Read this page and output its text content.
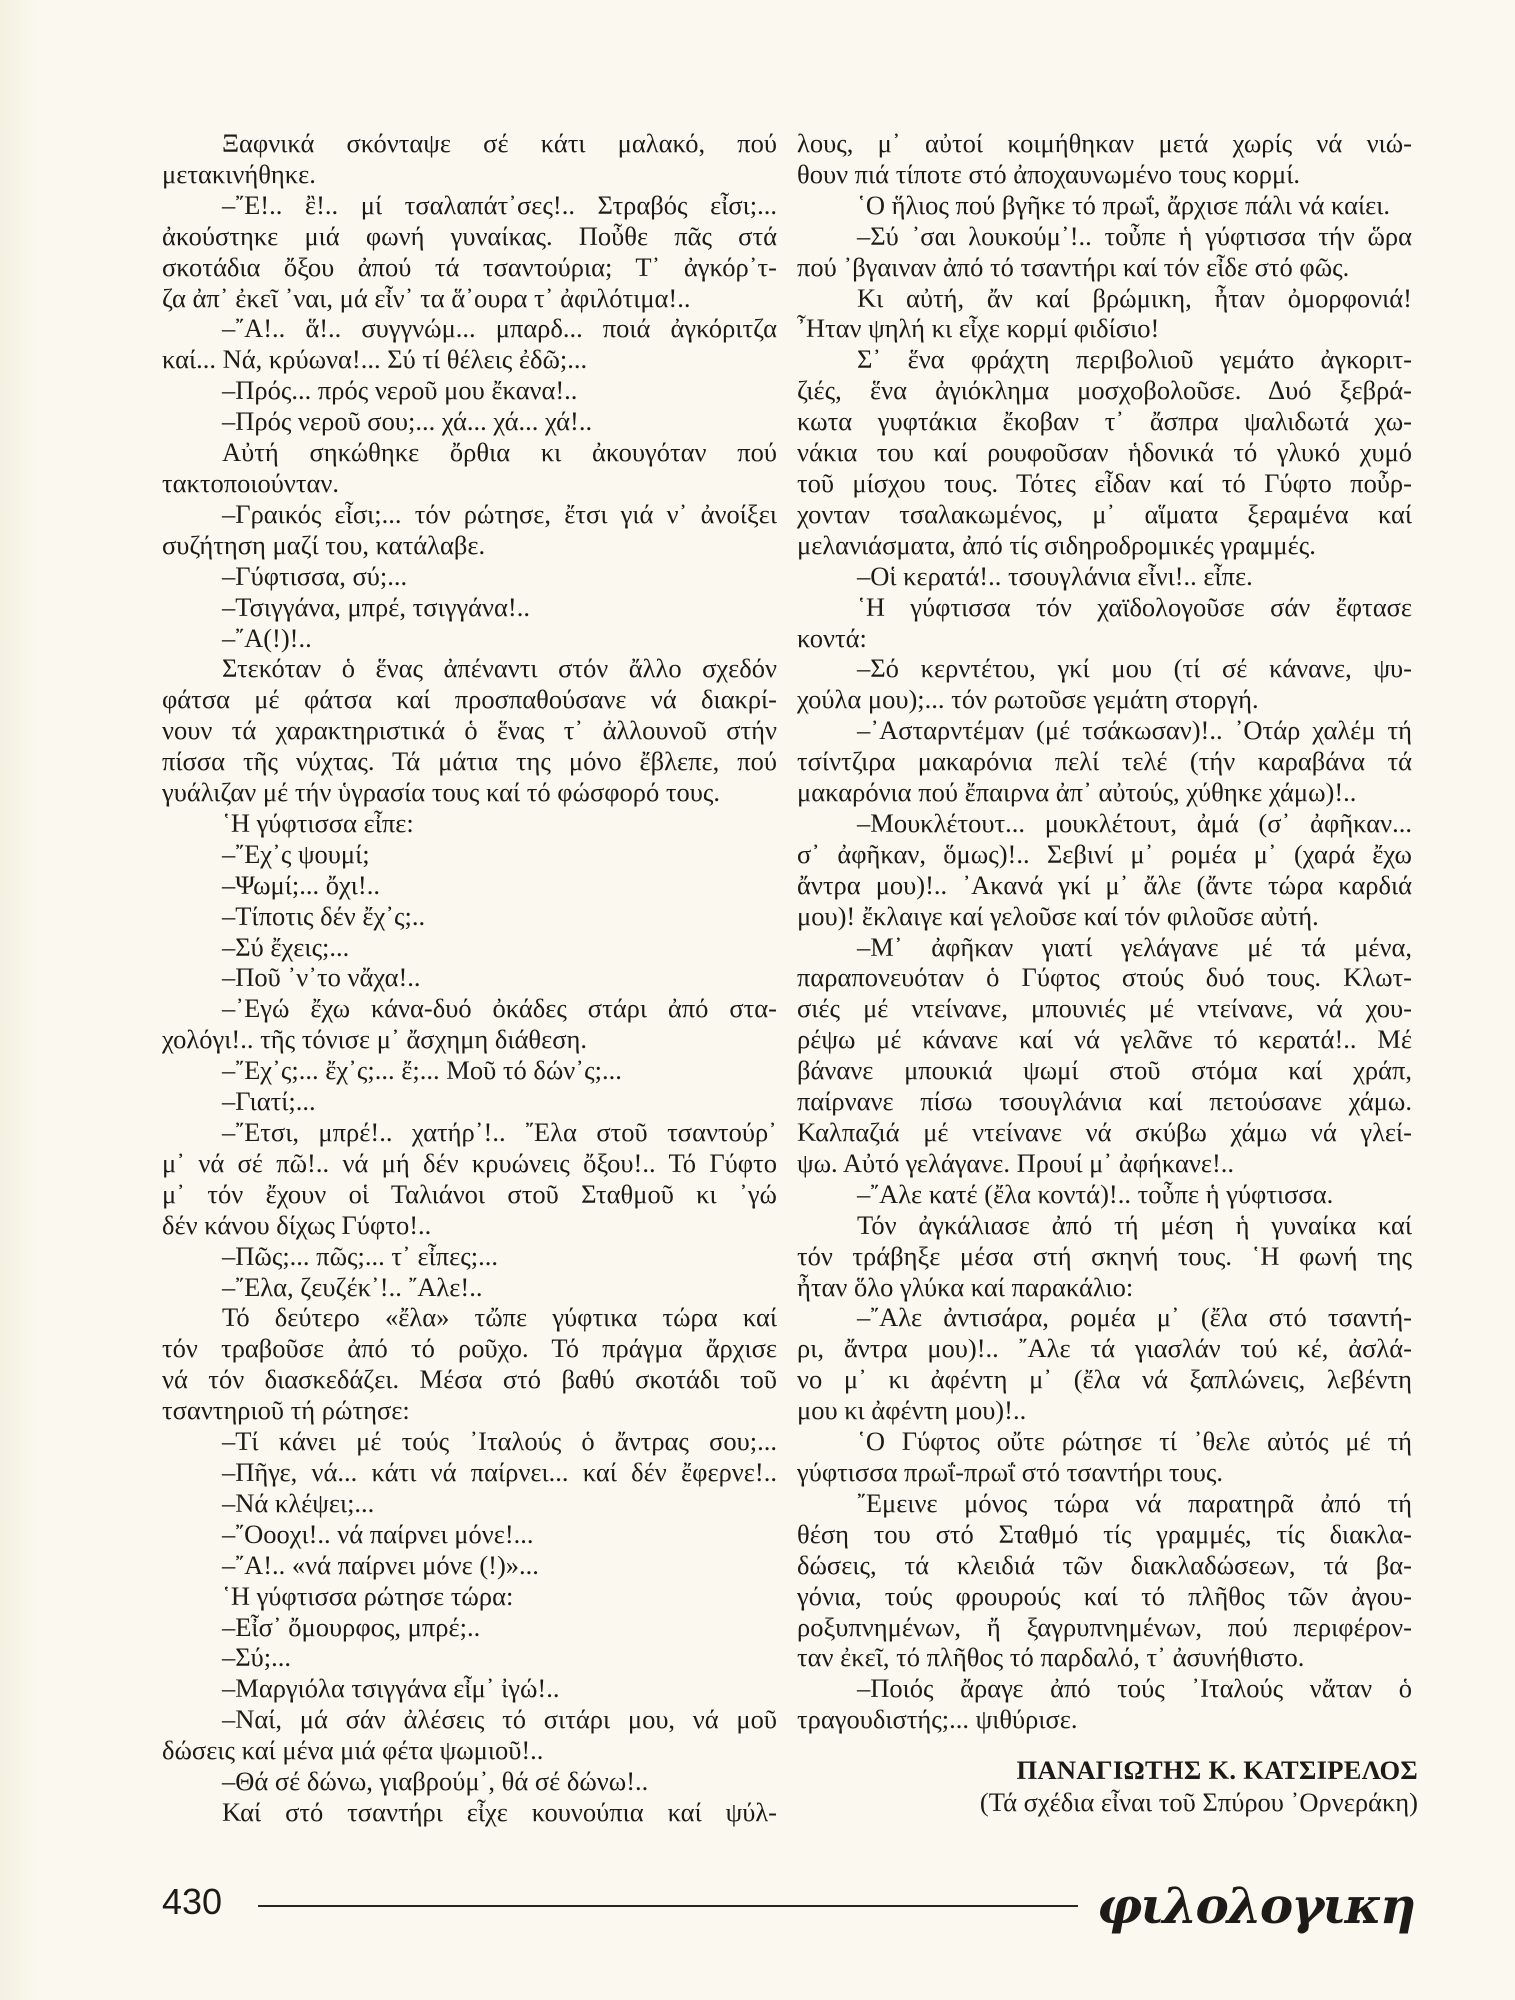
Ξαφνικά σκόνταψε σέ κάτι μαλακό, πού
μετακινήθηκε.
–῎Ε!.. ἒ!.. μί τσαλαπάτ᾽σες!.. Στραβός εἶσι;...
ἀκούστηκε μιά φωνή γυναίκας. Ποὖθε πᾶς στά
σκοτάδια ὄξου ἀπού τά τσαντούρια; Τ᾽ ἀγκόρ᾽τ-
ζα ἀπ᾽ ἐκεῖ ᾽ναι, μά εἶν᾽ τα ἅ᾽ουρα τ᾽ ἀφιλότιμα!..
–῎Α!.. ἅ!.. συγγνώμ... μπαρδ... ποιά ἀγκόριτζα
καί... Νά, κρύωνα!... Σύ τί θέλεις ἐδῶ;...
–Πρός... πρός νεροῦ μου ἔκανα!..
–Πρός νεροῦ σου;... χά... χά... χά!..
Αὐτή σηκώθηκε ὄρθια κι ἀκουγόταν πού
τακτοποιούνταν.
–Γραικός εἶσι;... τόν ρώτησε, ἔτσι γιά ν᾽ ἀνοίξει
συζήτηση μαζί του, κατάλαβε.
–Γύφτισσα, σύ;...
–Τσιγγάνα, μπρέ, τσιγγάνα!..
–῎Α(!)!..
Στεκόταν ὁ ἕνας ἀπέναντι στόν ἄλλο σχεδόν
φάτσα μέ φάτσα καί προσπαθούσανε νά διακρί-
νουν τά χαρακτηριστικά ὁ ἕνας τ᾽ ἀλλουνοῦ στήν
πίσσα τῆς νύχτας. Τά μάτια της μόνο ἔβλεπε, πού
γυάλιζαν μέ τήν ὑγρασία τους καί τό φώσφορό τους.
῾Η γύφτισσα εἶπε:
–῎Εχ᾽ς ψουμί;
–Ψωμί;... ὄχι!..
–Τίποτις δέν ἔχ᾽ς;..
–Σύ ἔχεις;...
–Ποῦ ᾽ν᾽το νἄχα!..
–᾽Εγώ ἔχω κάνα-δυό ὀκάδες στάρι ἀπό στα-
χολόγι!.. τῆς τόνισε μ᾽ ἄσχημη διάθεση.
–῎Εχ᾽ς;... ἔχ᾽ς;... ἔ;... Μοῦ τό δών᾽ς;...
–Γιατί;...
–῎Ετσι, μπρέ!.. χατήρ᾽!.. ῎Ελα στοῦ τσαντούρ᾽
μ᾽ νά σέ πῶ!.. νά μή δέν κρυώνεις ὄξου!.. Τό Γύφτο
μ᾽ τόν ἔχουν οἱ Ταλιάνοι στοῦ Σταθμοῦ κι ᾽γώ
δέν κάνου δίχως Γύφτο!..
–Πῶς;... πῶς;... τ᾽ εἶπες;...
–῎Ελα, ζευζέκ᾽!.. ῎Αλε!..
Τό δεύτερο «ἔλα» τὤπε γύφτικα τώρα καί
τόν τραβοῦσε ἀπό τό ροῦχο. Τό πράγμα ἄρχισε
νά τόν διασκεδάζει. Μέσα στό βαθύ σκοτάδι τοῦ
τσαντηριοῦ τή ρώτησε:
–Τί κάνει μέ τούς ᾽Ιταλούς ὁ ἄντρας σου;...
–Πῆγε, νά... κάτι νά παίρνει... καί δέν ἔφερνε!..
–Νά κλέψει;...
–῎Ooοχι!.. νά παίρνει μόνε!...
–῎Α!.. «νά παίρνει μόνε (!)»...
῾Η γύφτισσα ρώτησε τώρα:
–Εἶσ᾽ ὄμουρφος, μπρέ;..
–Σύ;...
–Μαργιόλα τσιγγάνα εἶμ᾽ ἰγώ!..
–Ναί, μά σάν ἀλέσεις τό σιτάρι μου, νά μοῦ
δώσεις καί μένα μιά φέτα ψωμιοῦ!..
–Θά σέ δώνω, γιαβρούμ᾽, θά σέ δώνω!..
Καί στό τσαντήρι εἶχε κουνούπια καί ψύλ-
λους, μ᾽ αὐτοί κοιμήθηκαν μετά χωρίς νά νιώ-
θουν πιά τίποτε στό ἀποχαυνωμένο τους κορμί.
῾Ο ἥλιος πού βγῆκε τό πρωΐ, ἄρχισε πάλι νά καίει.
–Σύ ᾽σαι λουκούμ᾽!.. τοὖπε ἡ γύφτισσα τήν ὥρα
πού ᾽βγαιναν ἀπό τό τσαντήρι καί τόν εἶδε στό φῶς.
Κι αὐτή, ἄν καί βρώμικη, ἦταν ὀμορφονιά!
῏Ηταν ψηλή κι εἶχε κορμί φιδίσιο!
Σ᾽ ἕνα φράχτη περιβολιοῦ γεμάτο ἀγκοριτ-
ζιές, ἕνα ἀγιόκλημα μοσχοβολοῦσε. Δυό ξεβρά-
κωτα γυφτάκια ἔκοβαν τ᾽ ἄσπρα ψαλιδωτά χω-
νάκια του καί ρουφοῦσαν ἡδονικά τό γλυκό χυμό
τοῦ μίσχου τους. Τότες εἶδαν καί τό Γύφτο ποὖρ-
χονταν τσαλακωμένος, μ᾽ αἵματα ξεραμένα καί
μελανιάσματα, ἀπό τίς σιδηροδρομικές γραμμές.
–Οἱ κερατά!.. τσουγλάνια εἶνι!.. εἶπε.
῾Η γύφτισσα τόν χαϊδολογοῦσε σάν ἔφτασε
κοντά:
–Σό κερντέτου, γκί μου (τί σέ κάνανε, ψυ-
χούλα μου);... τόν ρωτοῦσε γεμάτη στοργή.
–᾽Ασταρντέμαν (μέ τσάκωσαν)!.. ᾽Οτάρ χαλέμ τή
τσίντζιρα μακαρόνια πελί τελέ (τήν καραβάνα τά
μακαρόνια πού ἔπαιρνα ἀπ᾽ αὐτούς, χύθηκε χάμω)!..
–Μουκλέτουτ... μουκλέτουτ, ἀμά (σ᾽ ἀφῆκαν...
σ᾽ ἀφῆκαν, ὅμως)!.. Σεβινί μ᾽ ρομέα μ᾽ (χαρά ἔχω
ἄντρα μου)!.. ᾽Ακανά γκί μ᾽ ἄλε (ἄντε τώρα καρδιά
μου)! ἔκλαιγε καί γελοῦσε καί τόν φιλοῦσε αὐτή.
–Μ᾽ ἀφῆκαν γιατί γελάγανε μέ τά μένα,
παραπονευόταν ὁ Γύφτος στούς δυό τους. Κλωτ-
σιές μέ ντείνανε, μπουνιές μέ ντείνανε, νά χου-
ρέψω μέ κάνανε καί νά γελᾶνε τό κερατά!.. Μέ
βάνανε μπουκιά ψωμί στοῦ στόμα καί χράπ,
παίρνανε πίσω τσουγλάνια καί πετούσανε χάμω.
Καλπαζιά μέ ντείνανε νά σκύβω χάμω νά γλεί-
ψω. Αὐτό γελάγανε. Προυί μ᾽ ἀφήκανε!..
–῎Αλε κατέ (ἔλα κοντά)!.. τοὖπε ἡ γύφτισσα.
Τόν ἀγκάλιασε ἀπό τή μέση ἡ γυναίκα καί
τόν τράβηξε μέσα στή σκηνή τους. ῾Η φωνή της
ἦταν ὅλο γλύκα καί παρακάλιο:
–῎Αλε ἀντισάρα, ρομέα μ᾽ (ἔλα στό τσαντή-
ρι, ἄντρα μου)!.. ῎Αλε τά γιασλάν τού κέ, ἀσλά-
νο μ᾽ κι ἀφέντη μ᾽ (ἔλα νά ξαπλώνεις, λεβέντη
μου κι ἀφέντη μου)!..
῾Ο Γύφτος οὔτε ρώτησε τί ᾽θελε αὐτός μέ τή
γύφτισσα πρωΐ-πρωΐ στό τσαντήρι τους.
῎Εμεινε μόνος τώρα νά παρατηρᾶ ἀπό τή
θέση του στό Σταθμό τίς γραμμές, τίς διακλα-
δώσεις, τά κλειδιά τῶν διακλαδώσεων, τά βα-
γόνια, τούς φρουρούς καί τό πλῆθος τῶν ἀγου-
ροξυπνημένων, ἤ ξαγρυπνημένων, πού περιφέρον-
ταν ἐκεῖ, τό πλῆθος τό παρδαλό, τ᾽ ἀσυνήθιστο.
–Ποιός ἄραγε ἀπό τούς ᾽Ιταλούς νἄταν ὁ
τραγουδιστής;... ψιθύρισε.
ΠΑΝΑΓΙΩΤΗΣ Κ. ΚΑΤΣΙΡΕΛΟΣ
(Τά σχέδια εἶναι τοῦ Σπύρου ᾽Ορνεράκη)
430	φιλολογικη
